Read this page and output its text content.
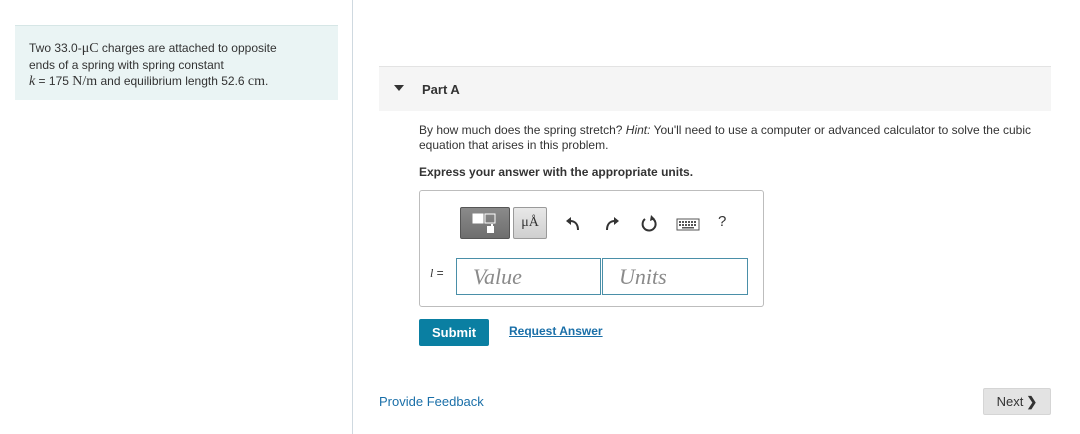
Two 33.0-μC charges are attached to opposite
ends of a spring with spring constant
k = 175 N/m and equilibrium length 52.6 cm.
Part A
By how much does the spring stretch? Hint: You'll need to use a computer or advanced calculator to solve the cubic equation that arises in this problem.
Express your answer with the appropriate units.
μÅ	?
l =
Value
Units
Submit	Request Answer
Provide Feedback	Next ❯
